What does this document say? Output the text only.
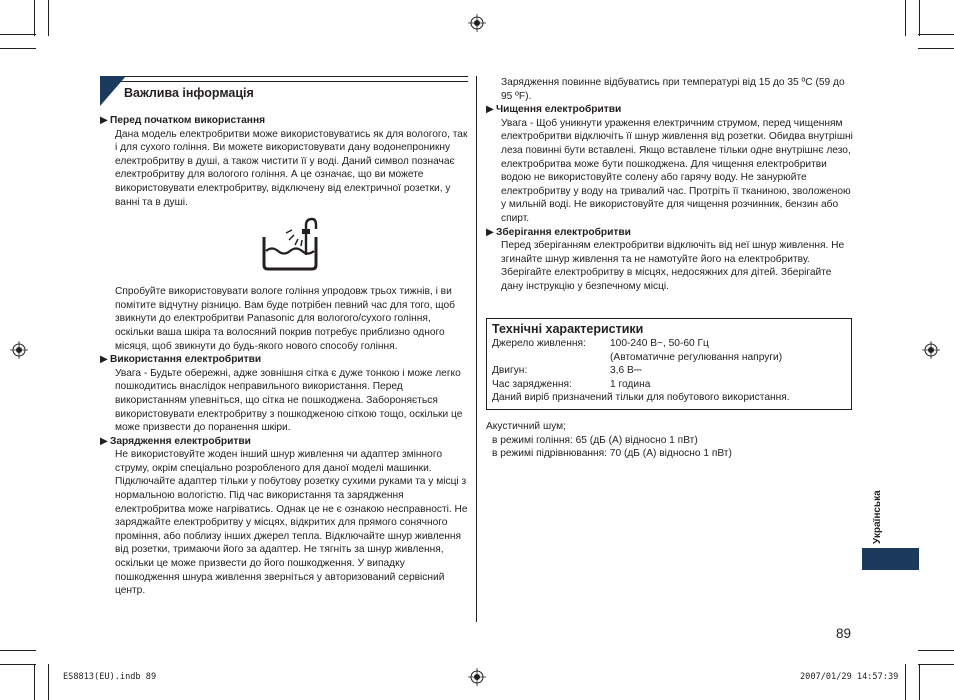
Важлива інформація

▶ Перед початком використання

Дана модель електробритви може використовуватись як для вологого, так і для сухого гоління. Ви можете використовувати дану водонепроникну електробритву в душі, а також чистити її у воді. Даний символ позначає електробритву для вологого гоління. А це означає, що ви можете використовувати електробритву, відключену від електричної розетки, у ванні та в душі.

Спробуйте використовувати вологе гоління упродовж трьох тижнів, і ви помітите відчутну різницю. Вам буде потрібен певний час для того, щоб звикнути до електробритви Panasonic для вологого/сухого гоління, оскільки ваша шкіра та волосяний покрив потребує приблизно одного місяця, щоб звикнути до будь-якого нового способу гоління.

▶ Використання електробритви

Увага - Будьте обережні, адже зовнішня сітка є дуже тонкою і може легко пошкодитись внаслідок неправильного використання. Перед використанням упевніться, що сітка не пошкоджена. Забороняється використовувати електробритву з пошкодженою сіткою тощо, оскільки це може призвести до поранення шкіри.

▶ Зарядження електробритви

Не використовуйте жоден інший шнур живлення чи адаптер змінного струму, окрім спеціально розробленого для даної моделі машинки. Підключайте адаптер тільки у побутову розетку сухими руками та у місці з нормальною вологістю. Під час використання та зарядження електробритва може нагріватись. Однак це не є ознакою несправності. Не заряджайте електробритву у місцях, відкритих для прямого сонячного проміння, або поблизу інших джерел тепла. Відключайте шнур живлення від розетки, тримаючи його за адаптер. Не тягніть за шнур живлення, оскільки це може призвести до його пошкодження. У випадку пошкодження шнура живлення зверніться у авторизований сервісний центр.

Зарядження повинне відбуватись при температурі від 15 до 35 ºC (59 до 95 ºF).

▶ Чищення електробритви

Увага - Щоб уникнути ураження електричним струмом, перед чищенням електробритви відключіть її шнур живлення від розетки. Обидва внутрішні леза повинні бути вставлені. Якщо вставлене тільки одне внутрішнє лезо, електробритва може бути пошкоджена. Для чищення електробритви водою не використовуйте солену або гарячу воду. Не занурюйте електробритву у воду на тривалий час. Протріть її тканиною, зволоженою у мильній воді. Не використовуйте для чищення розчинник, бензин або спирт.

▶ Зберігання електробритви

Перед зберіганням електробритви відключіть від неї шнур живлення. Не згинайте шнур живлення та не намотуйте його на електробритву. Зберігайте електробритву в місцях, недосяжних для дітей. Зберігайте дану інструкцію у безпечному місці.

Технічні характеристики
Джерело живлення:	100-240 В~, 50-60 Гц
(Автоматичне регулювання напруги)
Двигун:	3,6 В⎓
Час зарядження:	1 година
Даний виріб призначений тільки для побутового використання.

Акустичний шум;

в режимі гоління: 65 (дБ (A) відносно 1 пВт)

в режимі підрівнювання: 70 (дБ (A) відносно 1 пВт)

Українська
89
ES8813(EU).indb 89	2007/01/29 14:57:39
